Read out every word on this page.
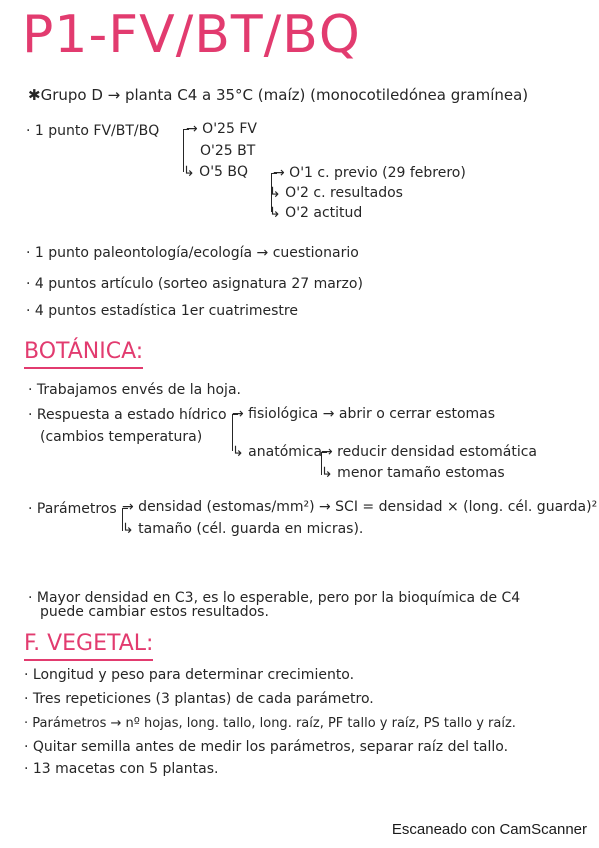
P1-FV/BT/BQ
✱Grupo D → planta C4 a 35°C (maíz) (monocotiledónea gramínea)
· 1 punto FV/BT/BQ → O'25 FV
O'25 BT
↳ O'5 BQ → O'1 c. previo (29 febrero)
↳ O'2 c. resultados
↳ O'2 actitud
· 1 punto paleontología/ecología → cuestionario
· 4 puntos artículo (sorteo asignatura 27 marzo)
· 4 puntos estadística 1er cuatrimestre
BOTÁNICA:
· Trabajamos envés de la hoja.
· Respuesta a estado hídrico
(cambios temperatura)
→ fisiológica → abrir o cerrar estomas
↳ anatómica
→ reducir densidad estomática
↳ menor tamaño estomas
· Parámetros → densidad (estomas/mm²) → SCI = densidad × (long. cél. guarda)²
↳ tamaño (cél. guarda en micras).
· Mayor densidad en C3, es lo esperable, pero por la bioquímica de C4
puede cambiar estos resultados.
F. VEGETAL:
· Longitud y peso para determinar crecimiento.
· Tres repeticiones (3 plantas) de cada parámetro.
· Parámetros → nº hojas, long. tallo, long. raíz, PF tallo y raíz, PS tallo y raíz.
· Quitar semilla antes de medir los parámetros, separar raíz del tallo.
· 13 macetas con 5 plantas.
Escaneado con CamScanner
